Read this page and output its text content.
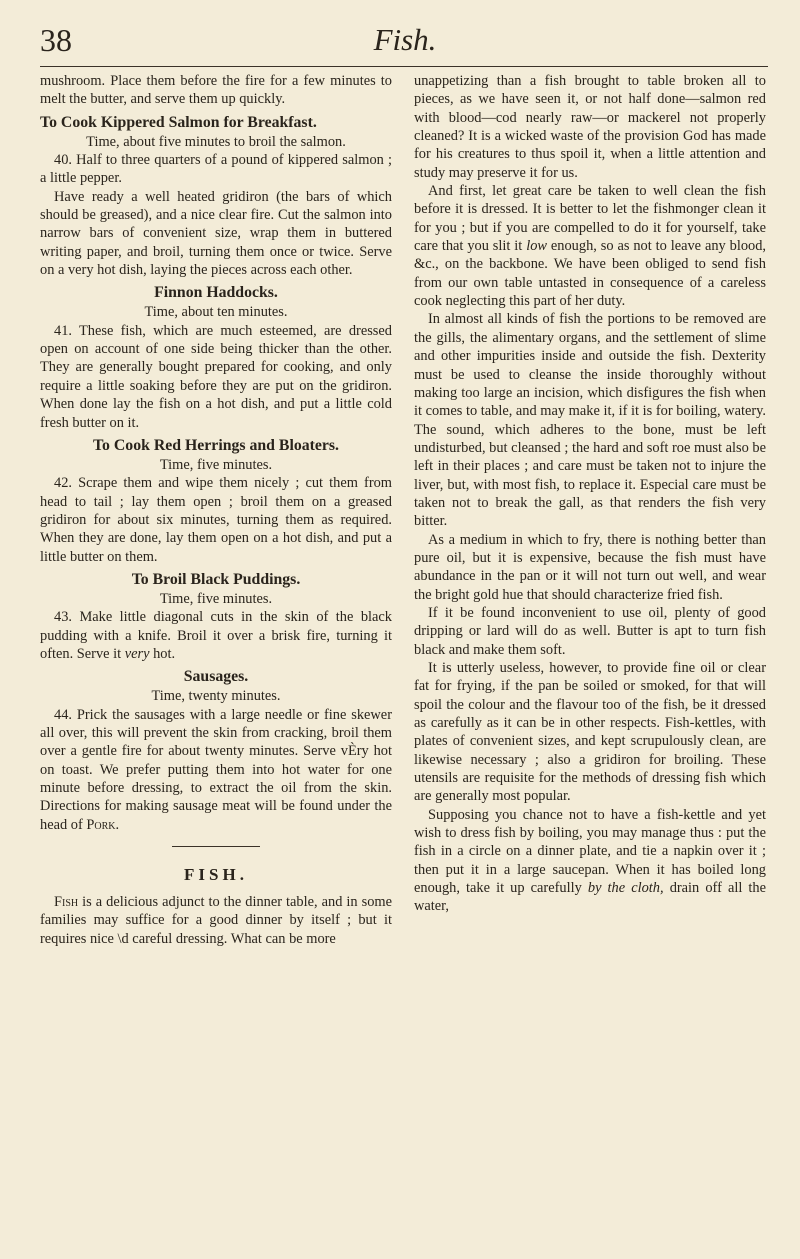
38	Fish.

mushroom. Place them before the fire for a few minutes to melt the butter, and serve them up quickly.

To Cook Kippered Salmon for Breakfast.

Time, about five minutes to broil the salmon.

40. Half to three quarters of a pound of kippered salmon ; a little pepper.

Have ready a well heated gridiron (the bars of which should be greased), and a nice clear fire. Cut the salmon into narrow bars of convenient size, wrap them in buttered writing paper, and broil, turning them once or twice. Serve on a very hot dish, laying the pieces across each other.

Finnon Haddocks.

Time, about ten minutes.

41. These fish, which are much esteemed, are dressed open on account of one side being thicker than the other. They are generally bought prepared for cooking, and only require a little soaking before they are put on the gridiron. When done lay the fish on a hot dish, and put a little cold fresh butter on it.

To Cook Red Herrings and Bloaters.

Time, five minutes.

42. Scrape them and wipe them nicely ; cut them from head to tail ; lay them open ; broil them on a greased gridiron for about six minutes, turning them as required. When they are done, lay them open on a hot dish, and put a little butter on them.

To Broil Black Puddings.

Time, five minutes.

43. Make little diagonal cuts in the skin of the black pudding with a knife. Broil it over a brisk fire, turning it often. Serve it very hot.

Sausages.

Time, twenty minutes.

44. Prick the sausages with a large needle or fine skewer all over, this will prevent the skin from cracking, broil them over a gentle fire for about twenty minutes. Serve vÈry hot on toast. We prefer putting them into hot water for one minute before dressing, to extract the oil from the skin. Directions for making sausage meat will be found under the head of Pork.

FISH.

Fish is a delicious adjunct to the dinner table, and in some families may suffice for a good dinner by itself ; but it requires nice \d careful dressing. What can be more

unappetizing than a fish brought to table broken all to pieces, as we have seen it, or not half done—salmon red with blood—cod nearly raw—or mackerel not properly cleaned? It is a wicked waste of the provision God has made for his creatures to thus spoil it, when a little attention and study may preserve it for us.

And first, let great care be taken to well clean the fish before it is dressed. It is better to let the fishmonger clean it for you ; but if you are compelled to do it for yourself, take care that you slit it low enough, so as not to leave any blood, &c., on the backbone. We have been obliged to send fish from our own table untasted in consequence of a careless cook neglecting this part of her duty.

In almost all kinds of fish the portions to be removed are the gills, the alimentary organs, and the settlement of slime and other impurities inside and outside the fish. Dexterity must be used to cleanse the inside thoroughly without making too large an incision, which disfigures the fish when it comes to table, and may make it, if it is for boiling, watery. The sound, which adheres to the bone, must be left undisturbed, but cleansed ; the hard and soft roe must also be left in their places ; and care must be taken not to injure the liver, but, with most fish, to replace it. Especial care must be taken not to break the gall, as that renders the fish very bitter.

As a medium in which to fry, there is nothing better than pure oil, but it is expensive, because the fish must have abundance in the pan or it will not turn out well, and wear the bright gold hue that should characterize fried fish.

If it be found inconvenient to use oil, plenty of good dripping or lard will do as well. Butter is apt to turn fish black and make them soft.

It is utterly useless, however, to provide fine oil or clear fat for frying, if the pan be soiled or smoked, for that will spoil the colour and the flavour too of the fish, be it dressed as carefully as it can be in other respects. Fish-kettles, with plates of convenient sizes, and kept scrupulously clean, are likewise necessary ; also a gridiron for broiling. These utensils are requisite for the methods of dressing fish which are generally most popular.

Supposing you chance not to have a fish-kettle and yet wish to dress fish by boiling, you may manage thus : put the fish in a circle on a dinner plate, and tie a napkin over it ; then put it in a large saucepan. When it has boiled long enough, take it up carefully by the cloth, drain off all the water,
